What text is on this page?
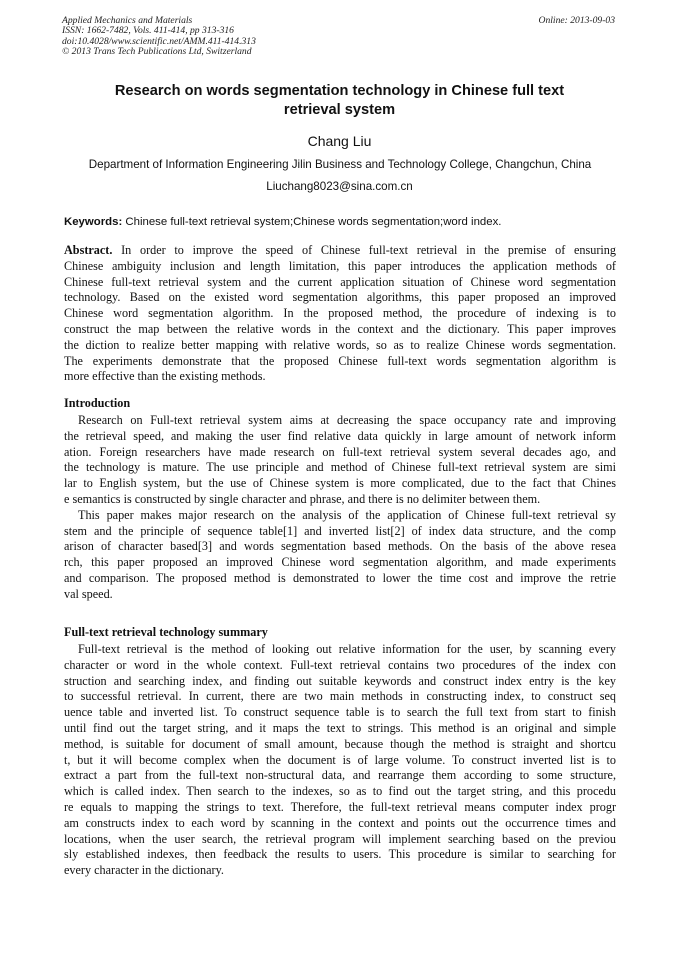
Applied Mechanics and Materials
ISSN: 1662-7482, Vols. 411-414, pp 313-316
doi:10.4028/www.scientific.net/AMM.411-414.313
© 2013 Trans Tech Publications Ltd, Switzerland
Online: 2013-09-03
Research on words segmentation technology in Chinese full text
retrieval system
Chang Liu
Department of Information Engineering Jilin Business and Technology College, Changchun, China
Liuchang8023@sina.com.cn
Keywords: Chinese full-text retrieval system;Chinese words segmentation;word index.
Abstract. In order to improve the speed of Chinese full-text retrieval in the premise of ensuring
Chinese ambiguity inclusion and length limitation, this paper introduces the application methods of
Chinese full-text retrieval system and the current application situation of Chinese word segmentation
technology. Based on the existed word segmentation algorithms, this paper proposed an improved
Chinese word segmentation algorithm. In the proposed method, the procedure of indexing is to
construct the map between the relative words in the context and the dictionary. This paper improves
the diction to realize better mapping with relative words, so as to realize Chinese words segmentation.
The experiments demonstrate that the proposed Chinese full-text words segmentation algorithm is
more effective than the existing methods.
Introduction
Research on Full-text retrieval system aims at decreasing the space occupancy rate and improving
the retrieval speed, and making the user find relative data quickly in large amount of network inform
ation. Foreign researchers have made research on full-text retrieval system several decades ago, and
the technology is mature. The use principle and method of Chinese full-text retrieval system are simi
lar to English system, but the use of Chinese system is more complicated, due to the fact that Chines
e semantics is constructed by single character and phrase, and there is no delimiter between them.
This paper makes major research on the analysis of the application of Chinese full-text retrieval sy
stem and the principle of sequence table[1] and inverted list[2] of index data structure, and the comp
arison of character based[3] and words segmentation based methods. On the basis of the above resea
rch, this paper proposed an improved Chinese word segmentation algorithm, and made experiments
and comparison. The proposed method is demonstrated to lower the time cost and improve the retrie
val speed.
Full-text retrieval technology summary
Full-text retrieval is the method of looking out relative information for the user, by scanning every
character or word in the whole context. Full-text retrieval contains two procedures of the index con
struction and searching index, and finding out suitable keywords and construct index entry is the key
to successful retrieval. In current, there are two main methods in constructing index, to construct seq
uence table and inverted list. To construct sequence table is to search the full text from start to finish
until find out the target string, and it maps the text to strings. This method is an original and simple
method, is suitable for document of small amount, because though the method is straight and shortcu
t, but it will become complex when the document is of large volume. To construct inverted list is to
extract a part from the full-text non-structural data, and rearrange them according to some structure,
which is called index. Then search to the indexes, so as to find out the target string, and this procedu
re equals to mapping the strings to text. Therefore, the full-text retrieval means computer index progr
am constructs index to each word by scanning in the context and points out the occurrence times and
locations, when the user search, the retrieval program will implement searching based on the previou
sly established indexes, then feedback the results to users. This procedure is similar to searching for
every character in the dictionary.
